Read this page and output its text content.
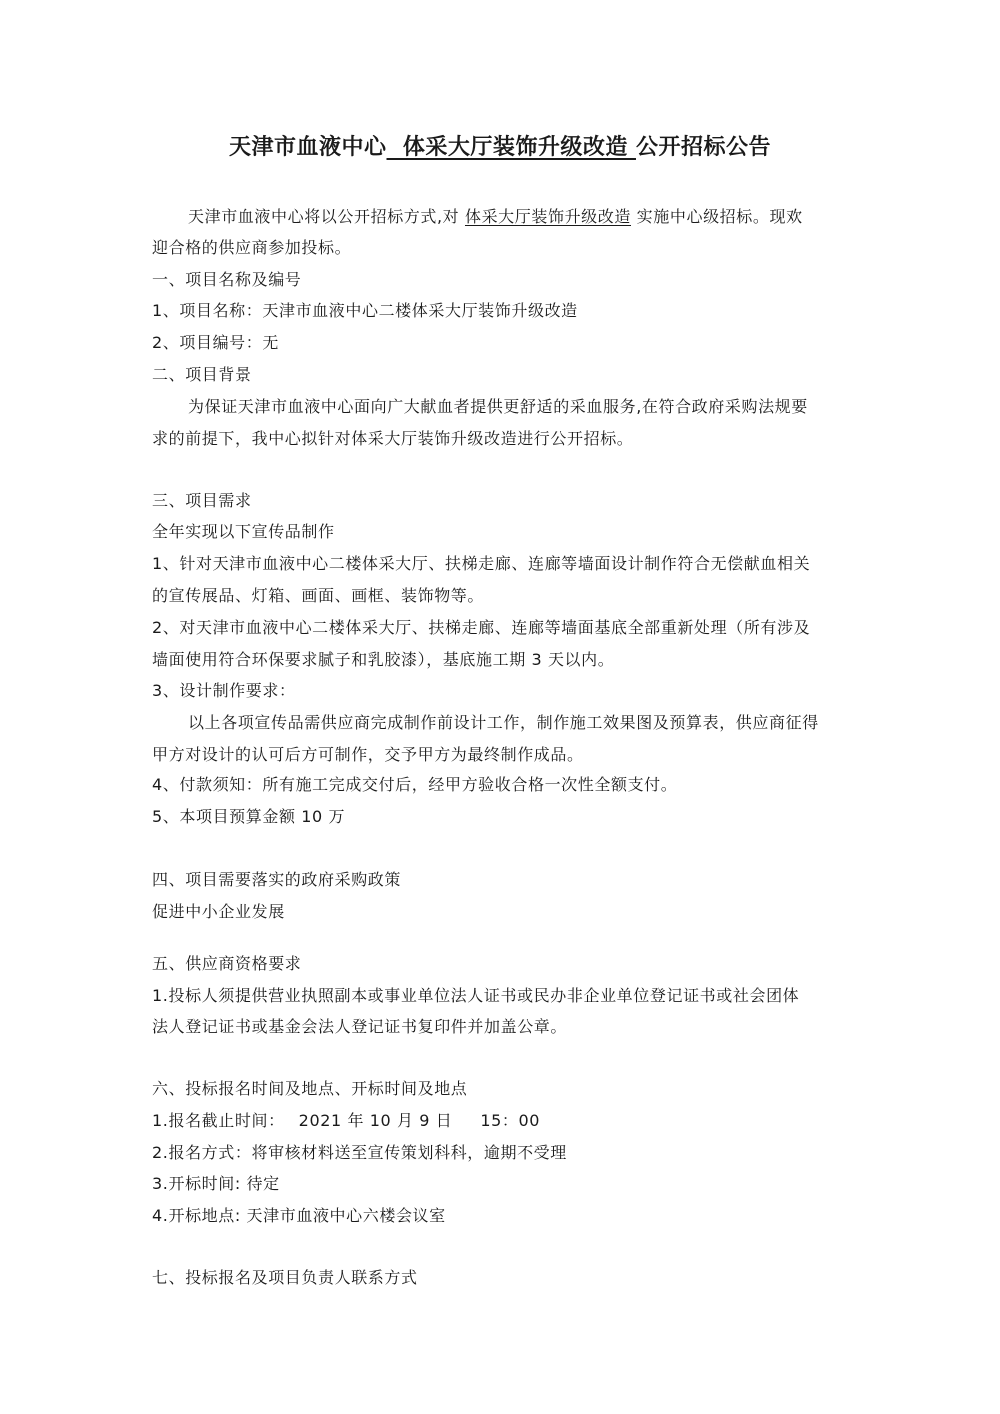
天津市血液中心  体采大厅装饰升级改造 公开招标公告
天津市血液中心将以公开招标方式,对 体采大厅装饰升级改造 实施中心级招标。现欢
迎合格的供应商参加投标。
一、项目名称及编号
1、项目名称：天津市血液中心二楼体采大厅装饰升级改造
2、项目编号：无
二、项目背景
为保证天津市血液中心面向广大献血者提供更舒适的采血服务,在符合政府采购法规要
求的前提下，我中心拟针对体采大厅装饰升级改造进行公开招标。
三、项目需求
全年实现以下宣传品制作
1、针对天津市血液中心二楼体采大厅、扶梯走廊、连廊等墙面设计制作符合无偿献血相关
的宣传展品、灯箱、画面、画框、装饰物等。
2、对天津市血液中心二楼体采大厅、扶梯走廊、连廊等墙面基底全部重新处理（所有涉及
墙面使用符合环保要求腻子和乳胶漆），基底施工期 3 天以内。
3、设计制作要求：
以上各项宣传品需供应商完成制作前设计工作，制作施工效果图及预算表，供应商征得
甲方对设计的认可后方可制作，交予甲方为最终制作成品。
4、付款须知：所有施工完成交付后，经甲方验收合格一次性全额支付。
5、本项目预算金额 10 万
四、项目需要落实的政府采购政策
促进中小企业发展
五、供应商资格要求
1.投标人须提供营业执照副本或事业单位法人证书或民办非企业单位登记证书或社会团体
法人登记证书或基金会法人登记证书复印件并加盖公章。
六、投标报名时间及地点、开标时间及地点
1.报名截止时间： 2021 年 10 月 9 日 15：00
2.报名方式：将审核材料送至宣传策划科科，逾期不受理
3.开标时间: 待定
4.开标地点: 天津市血液中心六楼会议室
七、投标报名及项目负责人联系方式
